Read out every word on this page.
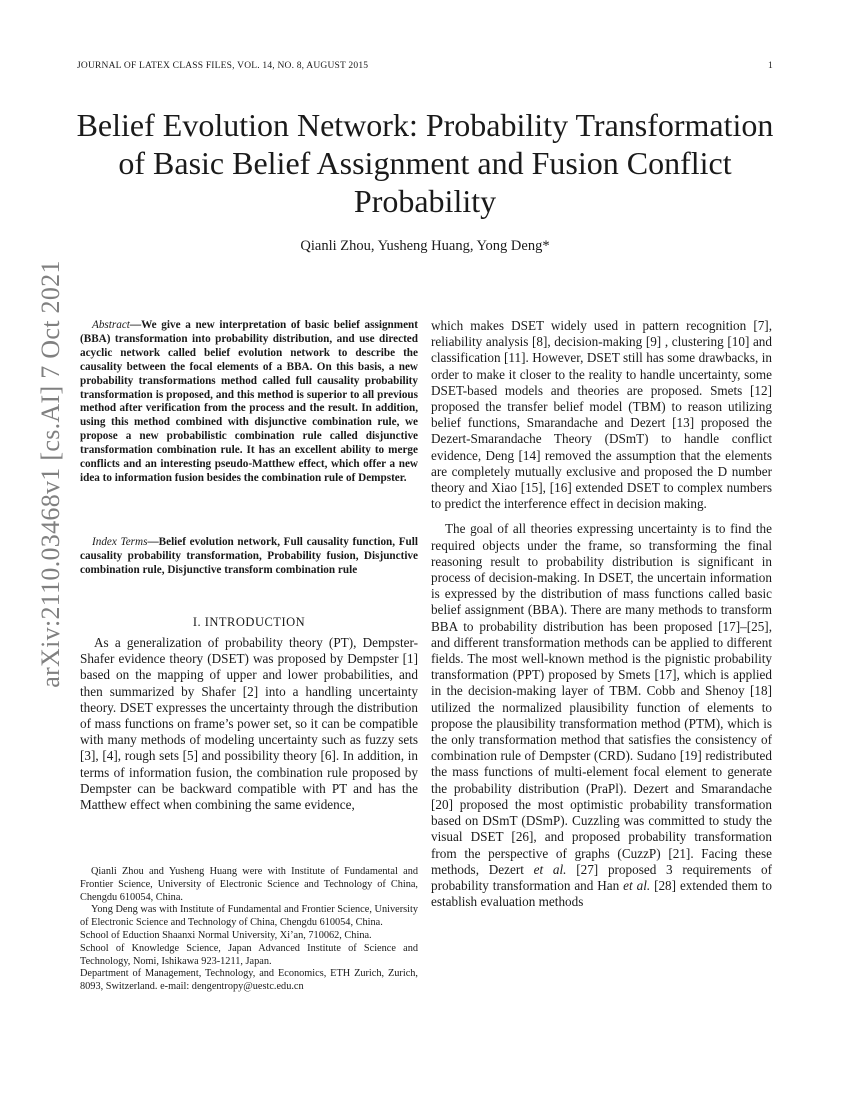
JOURNAL OF LATEX CLASS FILES, VOL. 14, NO. 8, AUGUST 2015	1
Belief Evolution Network: Probability Transformation of Basic Belief Assignment and Fusion Conflict Probability
Qianli Zhou, Yusheng Huang, Yong Deng*
arXiv:2110.03468v1 [cs.AI] 7 Oct 2021	Abstract—We give a new interpretation of basic belief assignment (BBA) transformation into probability distribution, and use directed acyclic network called belief evolution network to describe the causality between the focal elements of a BBA. On this basis, a new probability transformations method called full causality probability transformation is proposed, and this method is superior to all previous method after verification from the process and the result. In addition, using this method combined with disjunctive combination rule, we propose a new probabilistic combination rule called disjunctive transformation combination rule. It has an excellent ability to merge conflicts and an interesting pseudo-Matthew effect, which offer a new idea to information fusion besides the combination rule of Dempster.

Index Terms—Belief evolution network, Full causality function, Full causality probability transformation, Probability fusion, Disjunctive combination rule, Disjunctive transform combination rule

I. INTRODUCTION

As a generalization of probability theory (PT), Dempster-Shafer evidence theory (DSET) was proposed by Dempster [1] based on the mapping of upper and lower probabilities, and then summarized by Shafer [2] into a handling uncertainty theory. DSET expresses the uncertainty through the distribution of mass functions on frame’s power set, so it can be compatible with many methods of modeling uncertainty such as fuzzy sets [3], [4], rough sets [5] and possibility theory [6]. In addition, in terms of information fusion, the combination rule proposed by Dempster can be backward compatible with PT and has the Matthew effect when combining the same evidence,

Qianli Zhou and Yusheng Huang were with Institute of Fundamental and Frontier Science, University of Electronic Science and Technology of China, Chengdu 610054, China.

Yong Deng was with Institute of Fundamental and Frontier Science, University of Electronic Science and Technology of China, Chengdu 610054, China.

School of Eduction Shaanxi Normal University, Xi’an, 710062, China.

School of Knowledge Science, Japan Advanced Institute of Science and Technology, Nomi, Ishikawa 923-1211, Japan.

Department of Management, Technology, and Economics, ETH Zurich, Zurich, 8093, Switzerland. e-mail: dengentropy@uestc.edu.cn

which makes DSET widely used in pattern recognition [7], reliability analysis [8], decision-making [9] , clustering [10] and classification [11]. However, DSET still has some drawbacks, in order to make it closer to the reality to handle uncertainty, some DSET-based models and theories are proposed. Smets [12] proposed the transfer belief model (TBM) to reason utilizing belief functions, Smarandache and Dezert [13] proposed the Dezert-Smarandache Theory (DSmT) to handle conflict evidence, Deng [14] removed the assumption that the elements are completely mutually exclusive and proposed the D number theory and Xiao [15], [16] extended DSET to complex numbers to predict the interference effect in decision making.

The goal of all theories expressing uncertainty is to find the required objects under the frame, so transforming the final reasoning result to probability distribution is significant in process of decision-making. In DSET, the uncertain information is expressed by the distribution of mass functions called basic belief assignment (BBA). There are many methods to transform BBA to probability distribution has been proposed [17]–[25], and different transformation methods can be applied to different fields. The most well-known method is the pignistic probability transformation (PPT) proposed by Smets [17], which is applied in the decision-making layer of TBM. Cobb and Shenoy [18] utilized the normalized plausibility function of elements to propose the plausibility transformation method (PTM), which is the only transformation method that satisfies the consistency of combination rule of Dempster (CRD). Sudano [19] redistributed the mass functions of multi-element focal element to generate the probability distribution (PraPl). Dezert and Smarandache [20] proposed the most optimistic probability transformation based on DSmT (DSmP). Cuzzling was committed to study the visual DSET [26], and proposed probability transformation from the perspective of graphs (CuzzP) [21]. Facing these methods, Dezert et al. [27] proposed 3 requirements of probability transformation and Han et al. [28] extended them to establish evaluation methods
